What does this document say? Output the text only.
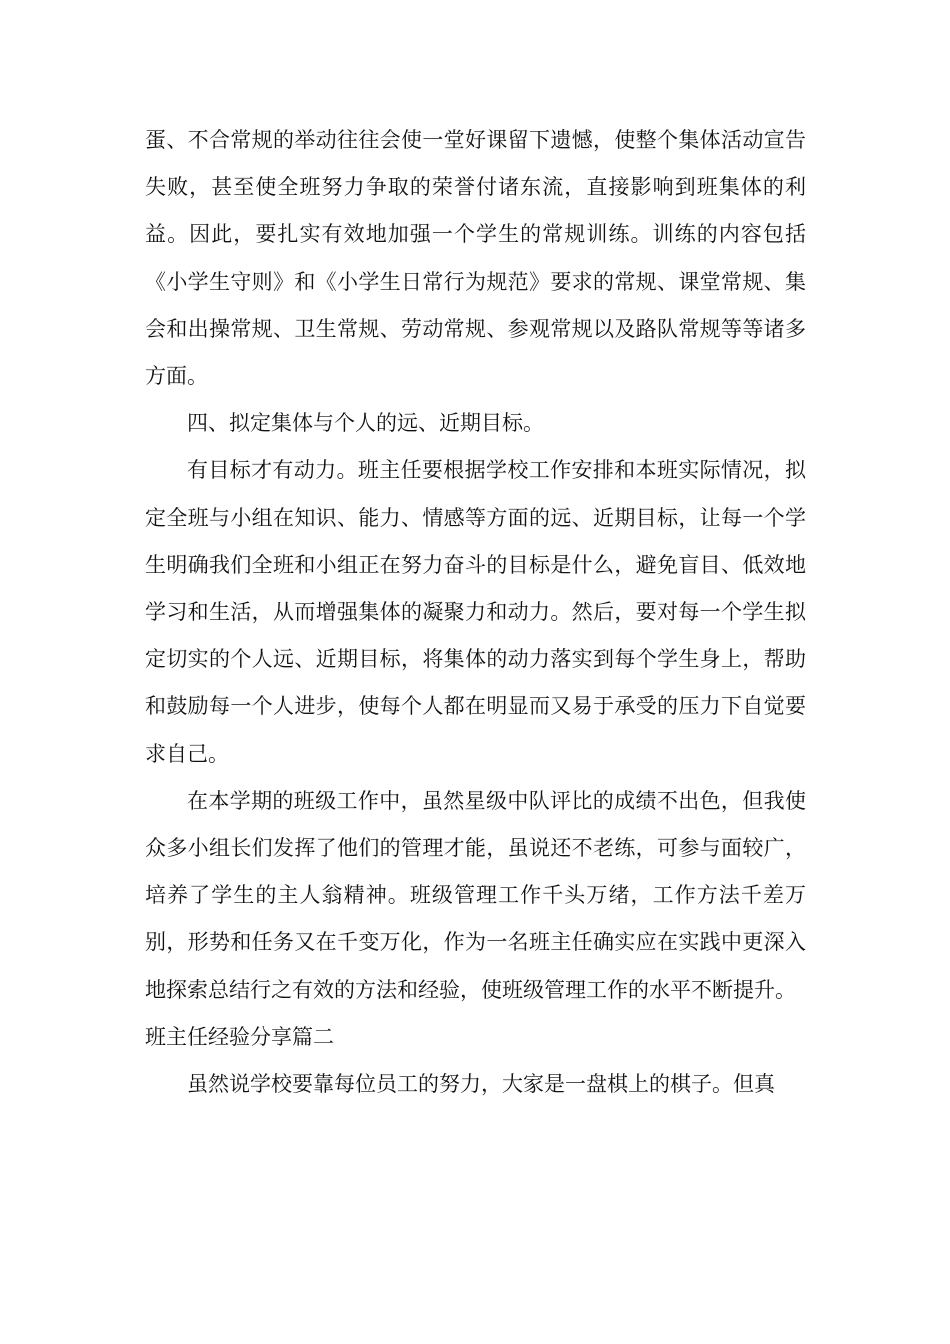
蛋、不合常规的举动往往会使一堂好课留下遗憾，使整个集体活动宣告失败，甚至使全班努力争取的荣誉付诸东流，直接影响到班集体的利益。因此，要扎实有效地加强一个学生的常规训练。训练的内容包括《小学生守则》和《小学生日常行为规范》要求的常规、课堂常规、集会和出操常规、卫生常规、劳动常规、参观常规以及路队常规等等诸多方面。

四、拟定集体与个人的远、近期目标。

有目标才有动力。班主任要根据学校工作安排和本班实际情况，拟定全班与小组在知识、能力、情感等方面的远、近期目标，让每一个学生明确我们全班和小组正在努力奋斗的目标是什么，避免盲目、低效地学习和生活，从而增强集体的凝聚力和动力。然后，要对每一个学生拟定切实的个人远、近期目标，将集体的动力落实到每个学生身上，帮助和鼓励每一个人进步，使每个人都在明显而又易于承受的压力下自觉要求自己。

在本学期的班级工作中，虽然星级中队评比的成绩不出色，但我使众多小组长们发挥了他们的管理才能，虽说还不老练，可参与面较广，培养了学生的主人翁精神。班级管理工作千头万绪，工作方法千差万别，形势和任务又在千变万化，作为一名班主任确实应在实践中更深入地探索总结行之有效的方法和经验，使班级管理工作的水平不断提升。

班主任经验分享篇二

虽然说学校要靠每位员工的努力，大家是一盘棋上的棋子。但真
